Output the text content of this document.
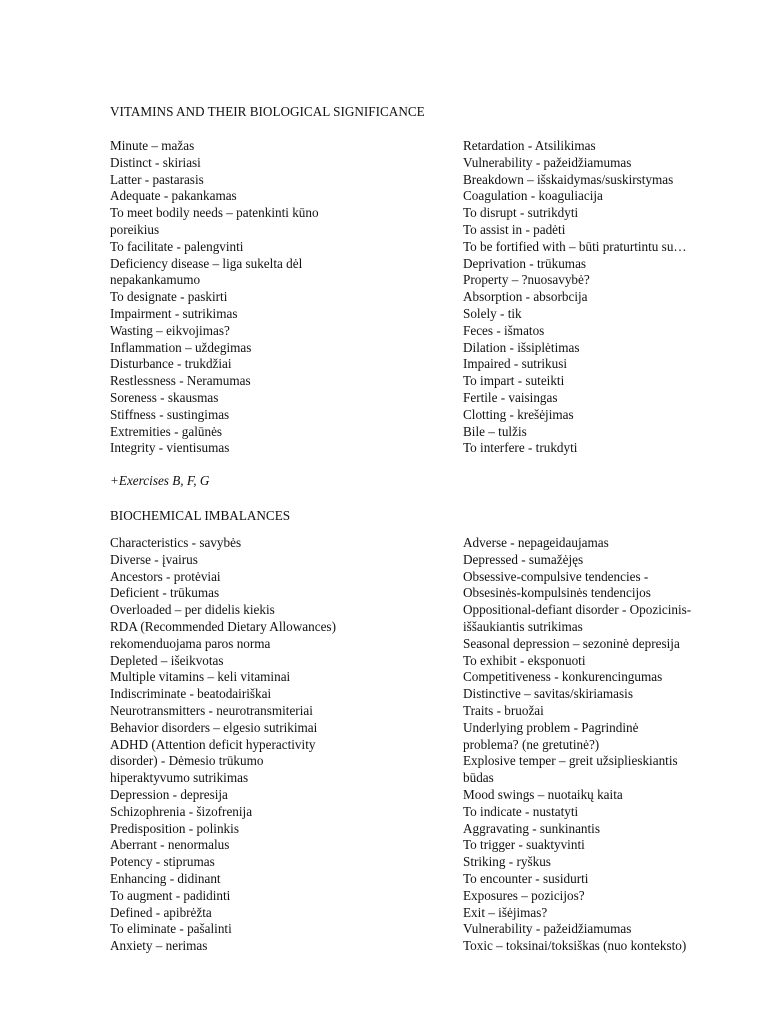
VITAMINS AND THEIR BIOLOGICAL SIGNIFICANCE
Minute – mažas
Distinct - skiriasi
Latter - pastarasis
Adequate - pakankamas
To meet bodily needs – patenkinti kūno
poreikius
To facilitate - palengvinti
Deficiency disease – liga sukelta dėl
nepakankamumo
To designate - paskirti
Impairment - sutrikimas
Wasting – eikvojimas?
Inflammation – uždegimas
Disturbance - trukdžiai
Restlessness - Neramumas
Soreness - skausmas
Stiffness - sustingimas
Extremities - galūnės
Integrity - vientisumas
Retardation - Atsilikimas
Vulnerability - pažeidžiamumas
Breakdown – išskaidymas/suskirstymas
Coagulation - koaguliacija
To disrupt - sutrikdyti
To assist in - padėti
To be fortified with – būti praturtintu su…
Deprivation - trūkumas
Property – ?nuosavybė?
Absorption - absorbcija
Solely - tik
Feces - išmatos
Dilation - išsiplėtimas
Impaired - sutrikusi
To impart - suteikti
Fertile - vaisingas
Clotting - krešėjimas
Bile – tulžis
To interfere - trukdyti
+Exercises B, F, G
BIOCHEMICAL IMBALANCES
Characteristics - savybės
Diverse - įvairus
Ancestors - protėviai
Deficient - trūkumas
Overloaded – per didelis kiekis
RDA (Recommended Dietary Allowances)
rekomenduojama paros norma
Depleted – išeikvotas
Multiple vitamins – keli vitaminai
Indiscriminate - beatodairiškai
Neurotransmitters - neurotransmiteriai
Behavior disorders – elgesio sutrikimai
ADHD (Attention deficit hyperactivity
disorder) - Dėmesio trūkumo
hiperaktyvumo sutrikimas
Depression - depresija
Schizophrenia - šizofrenija
Predisposition - polinkis
Aberrant - nenormalus
Potency - stiprumas
Enhancing - didinant
To augment - padidinti
Defined - apibrėžta
To eliminate - pašalinti
Anxiety – nerimas
Adverse - nepageidaujamas
Depressed - sumažėjęs
Obsessive-compulsive tendencies -
Obsesinės-kompulsinės tendencijos
Oppositional-defiant disorder - Opozicinis-
iššaukiantis sutrikimas
Seasonal depression – sezoninė depresija
To exhibit - eksponuoti
Competitiveness - konkurencingumas
Distinctive – savitas/skiriamasis
Traits - bruožai
Underlying problem - Pagrindinė
problema? (ne gretutinė?)
Explosive temper – greit užsiplieskiantis
būdas
Mood swings – nuotaikų kaita
To indicate - nustatyti
Aggravating - sunkinantis
To trigger - suaktyvinti
Striking - ryškus
To encounter - susidurti
Exposures – pozicijos?
Exit – išėjimas?
Vulnerability - pažeidžiamumas
Toxic – toksinai/toksiškas (nuo konteksto)
